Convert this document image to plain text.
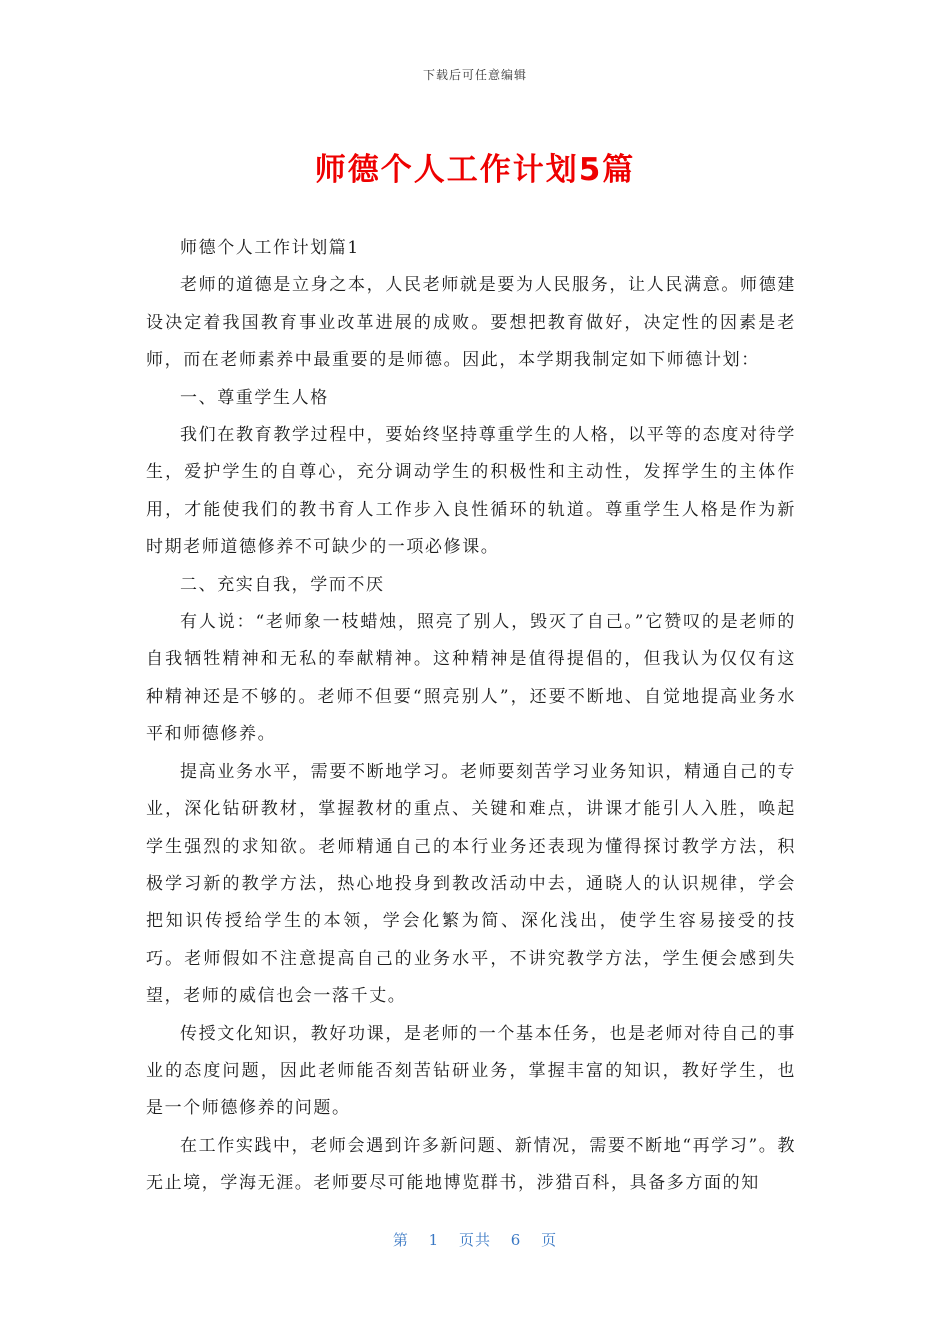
下载后可任意编辑
师德个人工作计划5篇

师德个人工作计划篇1

老师的道德是立身之本，人民老师就是要为人民服务，让人民满意。师德建设决定着我国教育事业改革进展的成败。要想把教育做好，决定性的因素是老师，而在老师素养中最重要的是师德。因此，本学期我制定如下师德计划：

一、尊重学生人格

我们在教育教学过程中，要始终坚持尊重学生的人格，以平等的态度对待学生，爱护学生的自尊心，充分调动学生的积极性和主动性，发挥学生的主体作用，才能使我们的教书育人工作步入良性循环的轨道。尊重学生人格是作为新时期老师道德修养不可缺少的一项必修课。

二、充实自我，学而不厌

有人说：“老师象一枝蜡烛，照亮了别人，毁灭了自己。”它赞叹的是老师的自我牺牲精神和无私的奉献精神。这种精神是值得提倡的，但我认为仅仅有这种精神还是不够的。老师不但要“照亮别人”，还要不断地、自觉地提高业务水平和师德修养。

提高业务水平，需要不断地学习。老师要刻苦学习业务知识，精通自己的专业，深化钻研教材，掌握教材的重点、关键和难点，讲课才能引人入胜，唤起学生强烈的求知欲。老师精通自己的本行业务还表现为懂得探讨教学方法，积极学习新的教学方法，热心地投身到教改活动中去，通晓人的认识规律，学会把知识传授给学生的本领，学会化繁为简、深化浅出，使学生容易接受的技巧。老师假如不注意提高自己的业务水平，不讲究教学方法，学生便会感到失望，老师的威信也会一落千丈。

传授文化知识，教好功课，是老师的一个基本任务，也是老师对待自己的事业的态度问题，因此老师能否刻苦钻研业务，掌握丰富的知识，教好学生，也是一个师德修养的问题。

在工作实践中，老师会遇到许多新问题、新情况，需要不断地“再学习”。教无止境，学海无涯。老师要尽可能地博览群书，涉猎百科，具备多方面的知

第 1 页共 6 页
